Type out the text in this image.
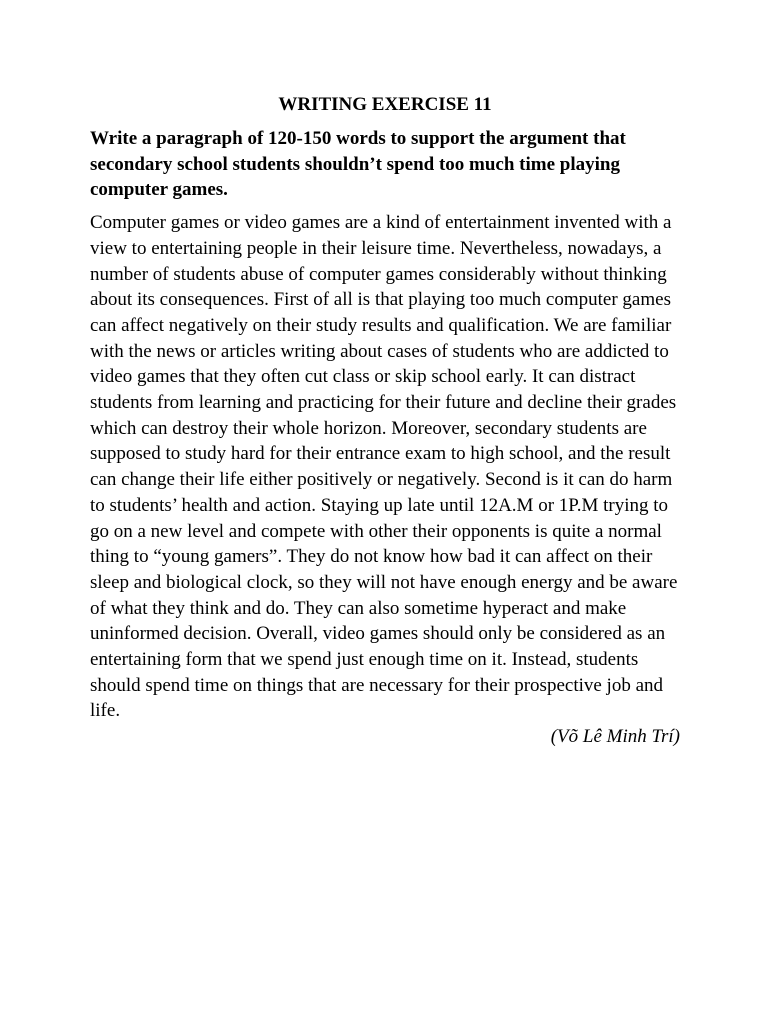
WRITING EXERCISE 11

Write a paragraph of 120-150 words to support the argument that secondary school students shouldn’t spend too much time playing computer games.

Computer games or video games are a kind of entertainment invented with a view to entertaining people in their leisure time. Nevertheless, nowadays, a number of students abuse of computer games considerably without thinking about its consequences. First of all is that playing too much computer games can affect negatively on their study results and qualification. We are familiar with the news or articles writing about cases of students who are addicted to video games that they often cut class or skip school early. It can distract students from learning and practicing for their future and decline their grades which can destroy their whole horizon. Moreover, secondary students are supposed to study hard for their entrance exam to high school, and the result can change their life either positively or negatively. Second is it can do harm to students’ health and action. Staying up late until 12A.M or 1P.M trying to go on a new level and compete with other their opponents is quite a normal thing to “young gamers”. They do not know how bad it can affect on their sleep and biological clock, so they will not have enough energy and be aware of what they think and do. They can also sometime hyperact and make uninformed decision. Overall, video games should only be considered as an entertaining form that we spend just enough time on it. Instead, students should spend time on things that are necessary for their prospective job and life.

(Võ Lê Minh Trí)
